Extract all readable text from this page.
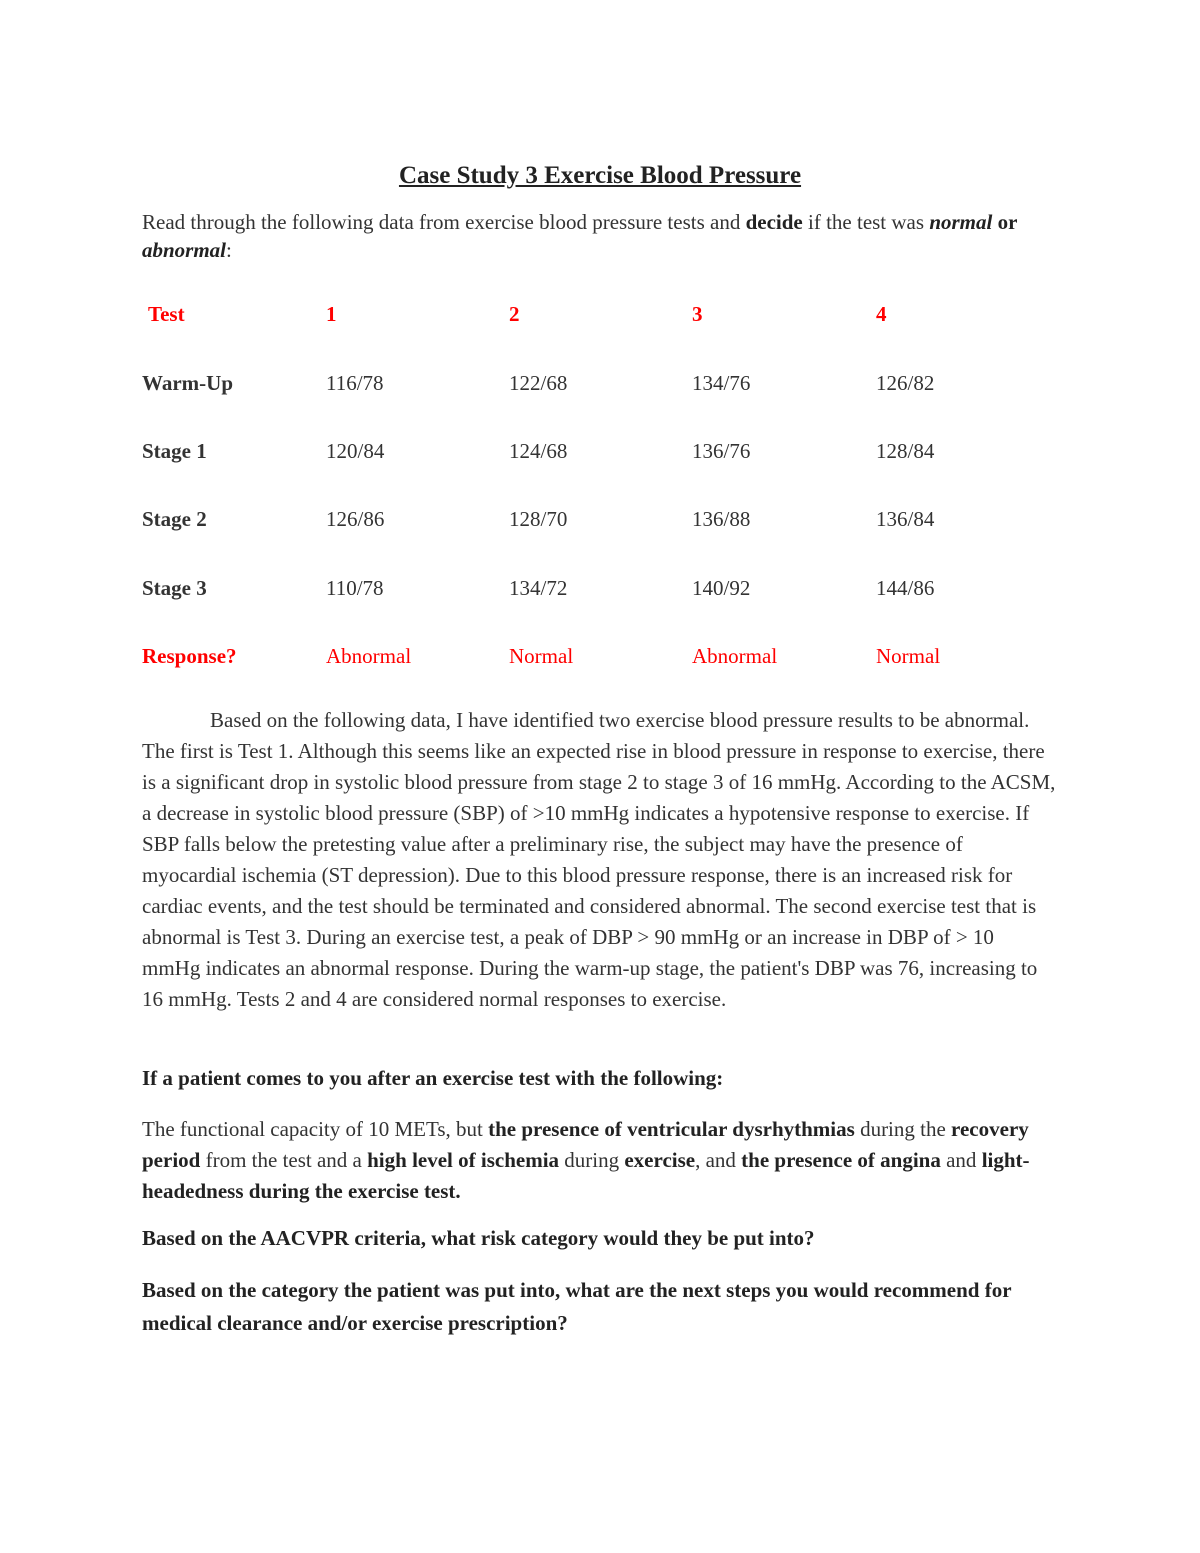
Case Study 3 Exercise Blood Pressure
Read through the following data from exercise blood pressure tests and decide if the test was normal or abnormal:
Test	1	2	3	4
Warm-Up	116/78	122/68	134/76	126/82
Stage 1	120/84	124/68	136/76	128/84
Stage 2	126/86	128/70	136/88	136/84
Stage 3	110/78	134/72	140/92	144/86
Response?	Abnormal	Normal	Abnormal	Normal

Based on the following data, I have identified two exercise blood pressure results to be abnormal. The first is Test 1. Although this seems like an expected rise in blood pressure in response to exercise, there is a significant drop in systolic blood pressure from stage 2 to stage 3 of 16 mmHg. According to the ACSM, a decrease in systolic blood pressure (SBP) of >10 mmHg indicates a hypotensive response to exercise. If SBP falls below the pretesting value after a preliminary rise, the subject may have the presence of myocardial ischemia (ST depression). Due to this blood pressure response, there is an increased risk for cardiac events, and the test should be terminated and considered abnormal. The second exercise test that is abnormal is Test 3. During an exercise test, a peak of DBP > 90 mmHg or an increase in DBP of > 10 mmHg indicates an abnormal response. During the warm-up stage, the patient's DBP was 76, increasing to 16 mmHg. Tests 2 and 4 are considered normal responses to exercise.

If a patient comes to you after an exercise test with the following:

The functional capacity of 10 METs, but the presence of ventricular dysrhythmias during the recovery period from the test and a high level of ischemia during exercise, and the presence of angina and light-headedness during the exercise test.

Based on the AACVPR criteria, what risk category would they be put into?

Based on the category the patient was put into, what are the next steps you would recommend for medical clearance and/or exercise prescription?
